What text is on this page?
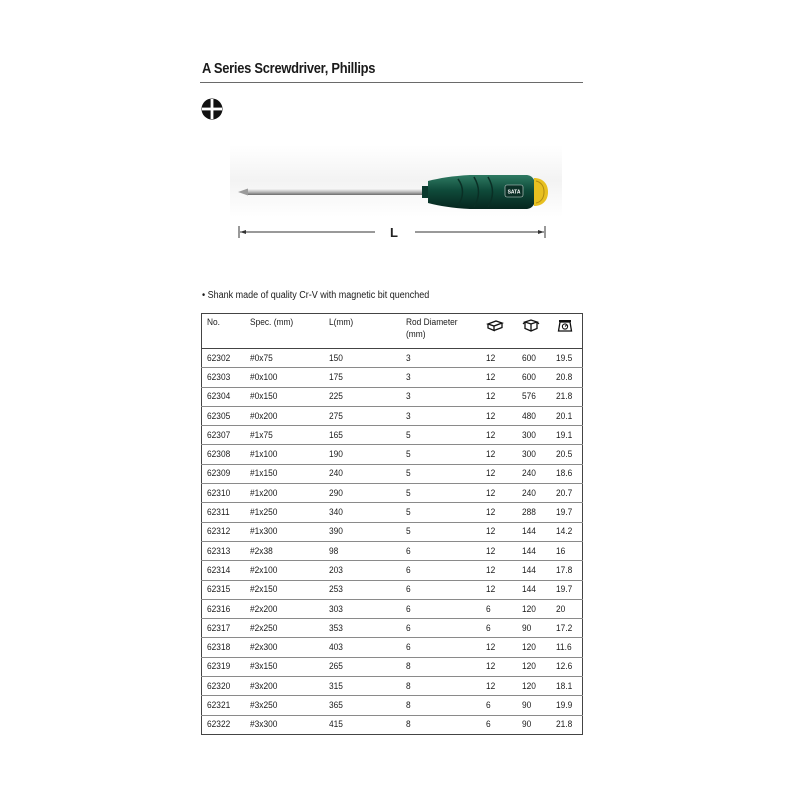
A Series Screwdriver, Phillips
SATA
L
• Shank made of quality Cr-V with magnetic bit quenched
No.	Spec. (mm)	L(mm)	Rod Diameter (mm)			
62302	#0x75	150	3	12	600	19.5
62303	#0x100	175	3	12	600	20.8
62304	#0x150	225	3	12	576	21.8
62305	#0x200	275	3	12	480	20.1
62307	#1x75	165	5	12	300	19.1
62308	#1x100	190	5	12	300	20.5
62309	#1x150	240	5	12	240	18.6
62310	#1x200	290	5	12	240	20.7
62311	#1x250	340	5	12	288	19.7
62312	#1x300	390	5	12	144	14.2
62313	#2x38	98	6	12	144	16
62314	#2x100	203	6	12	144	17.8
62315	#2x150	253	6	12	144	19.7
62316	#2x200	303	6	6	120	20
62317	#2x250	353	6	6	90	17.2
62318	#2x300	403	6	12	120	11.6
62319	#3x150	265	8	12	120	12.6
62320	#3x200	315	8	12	120	18.1
62321	#3x250	365	8	6	90	19.9
62322	#3x300	415	8	6	90	21.8
